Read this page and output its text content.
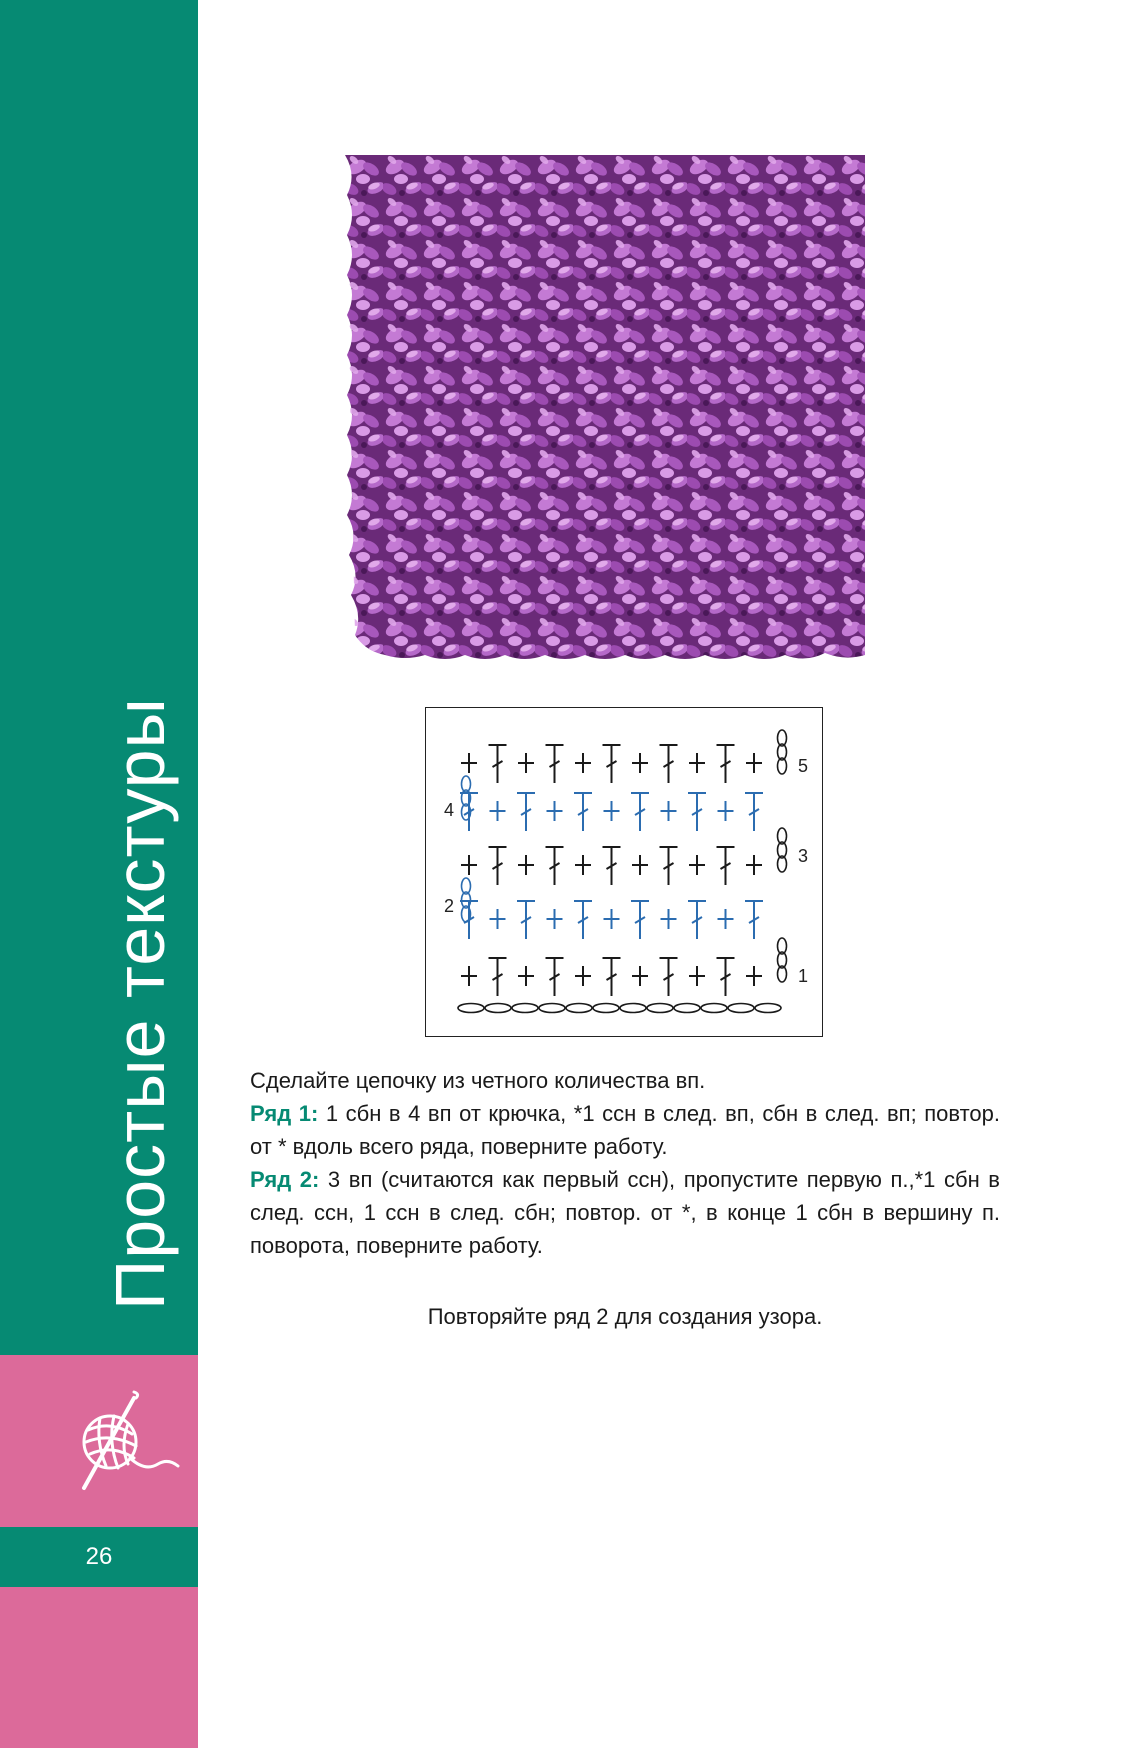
Простые текстуры
26
1
2
3
4
5

Сделайте цепочку из четного количества вп.

Ряд 1: 1 сбн в 4 вп от крючка, *1 ссн в след. вп, сбн в след. вп; повтор. от * вдоль всего ряда, поверните работу.

Ряд 2: 3 вп (считаются как первый ссн), пропустите первую п.,*1 сбн в след. ссн, 1 ссн в след. сбн; повтор. от *, в конце 1 сбн в вершину п. поворота, поверните работу.

Повторяйте ряд 2 для создания узора.
